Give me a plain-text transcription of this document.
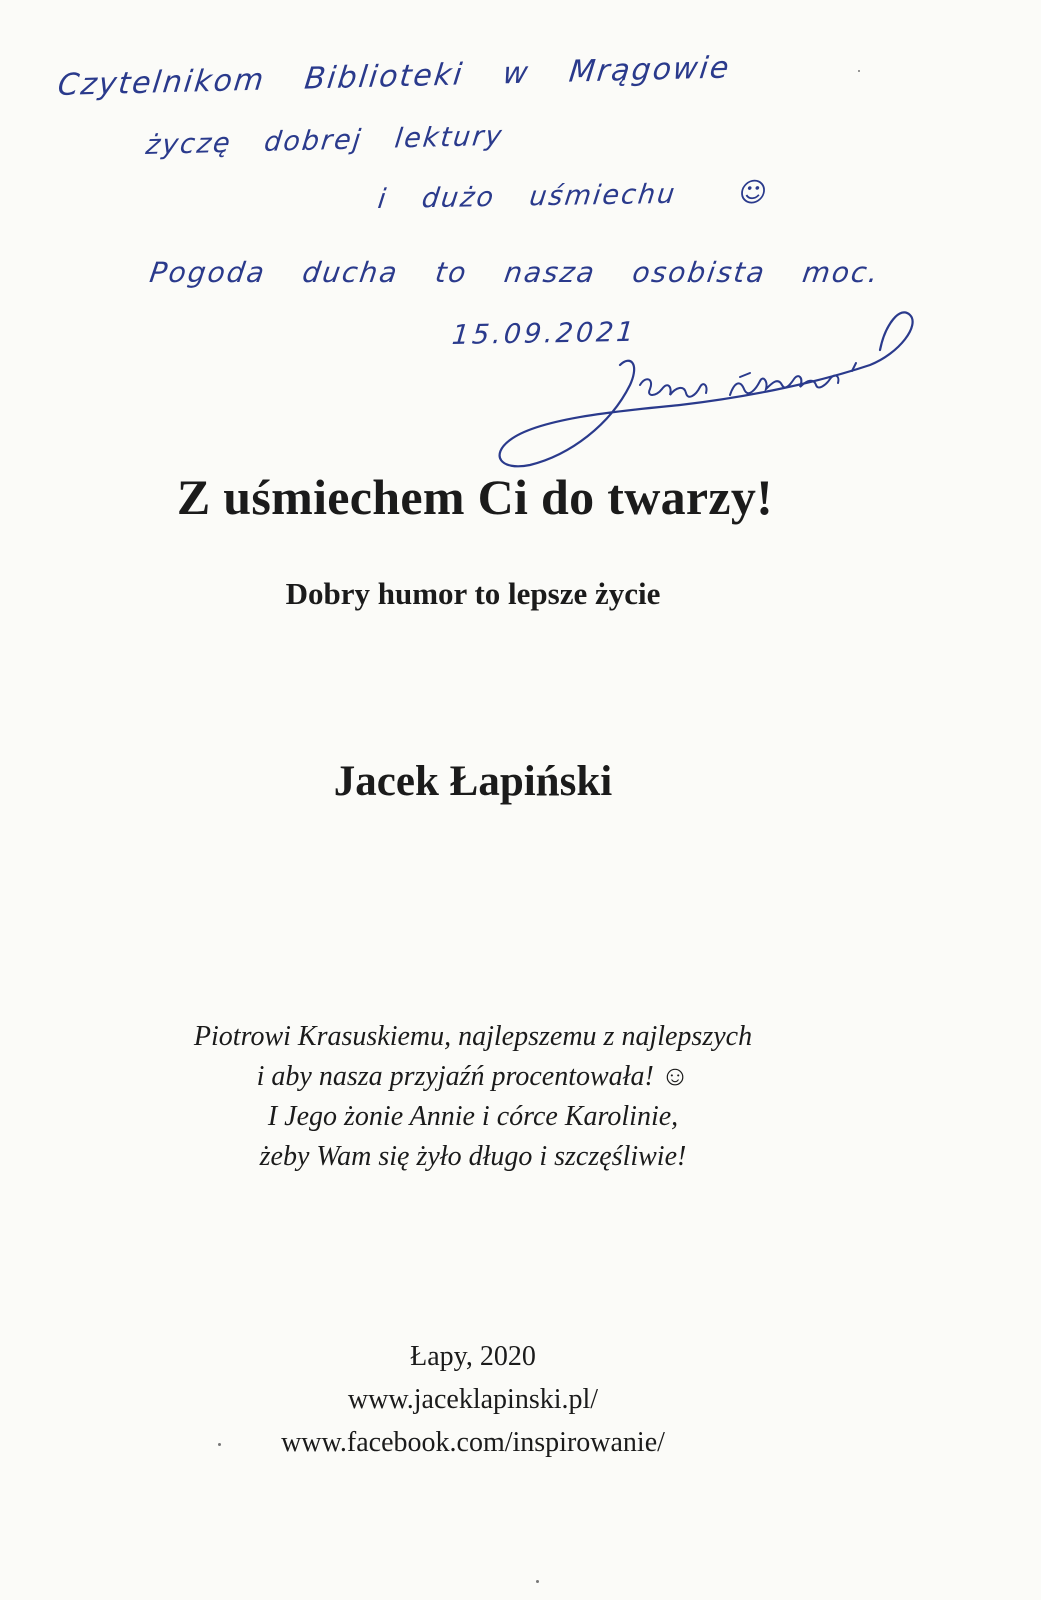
Czytelnikom Biblioteki w Mrągowie
życzę dobrej lektury
i dużo uśmiechu ☺
Pogoda ducha to nasza osobista moc.
15.09.2021
Z uśmiechem Ci do twarzy!
Dobry humor to lepsze życie
Jacek Łapiński
Piotrowi Krasuskiemu, najlepszemu z najlepszych
i aby nasza przyjaźń procentowała! ☺
I Jego żonie Annie i córce Karolinie,
żeby Wam się żyło długo i szczęśliwie!
Łapy, 2020
www.jaceklapinski.pl/
www.facebook.com/inspirowanie/
